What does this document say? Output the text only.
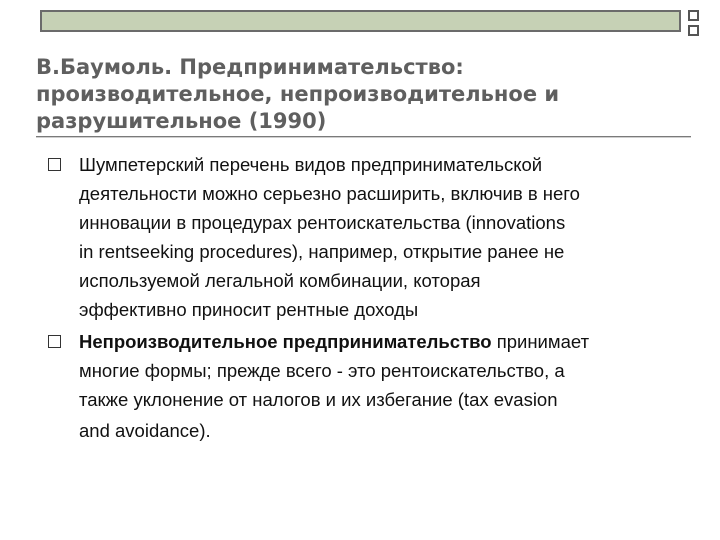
В.Баумоль. Предпринимательство:
производительное, непроизводительное и
разрушительное (1990)
Шумпетерский перечень видов предпринимательской
деятельности можно серьезно расширить, включив в него
инновации в процедурах рентоискательства (innovations
in rentseeking procedures), например, открытие ранее не
используемой легальной комбинации, которая
эффективно приносит рентные доходы
Непроизводительное предпринимательство принимает
многие формы; прежде всего - это рентоискательство, а
также уклонение от налогов и их избегание (tax evasion
and avoidance).
